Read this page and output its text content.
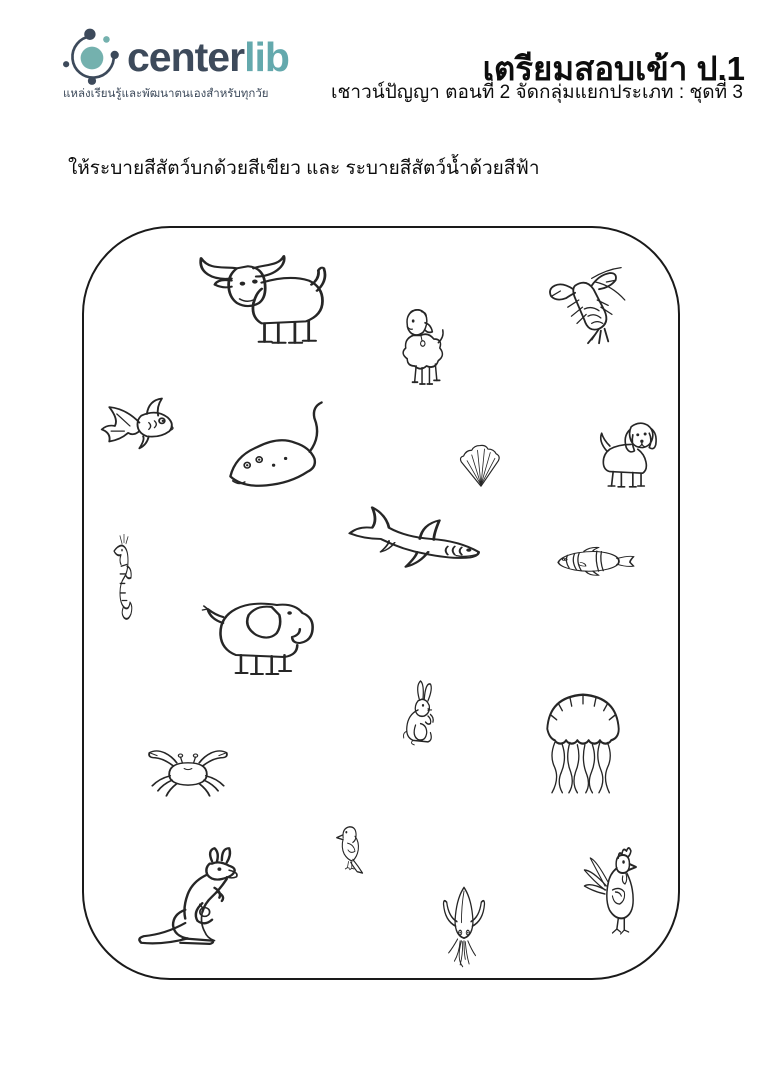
centerlib
แหล่งเรียนรู้และพัฒนาตนเองสำหรับทุกวัย
เตรียมสอบเข้า ป.1
เชาวน์ปัญญา ตอนที่ 2 จัดกลุ่มแยกประเภท : ชุดที่ 3
ให้ระบายสีสัตว์บกด้วยสีเขียว และ ระบายสีสัตว์น้ำด้วยสีฟ้า
